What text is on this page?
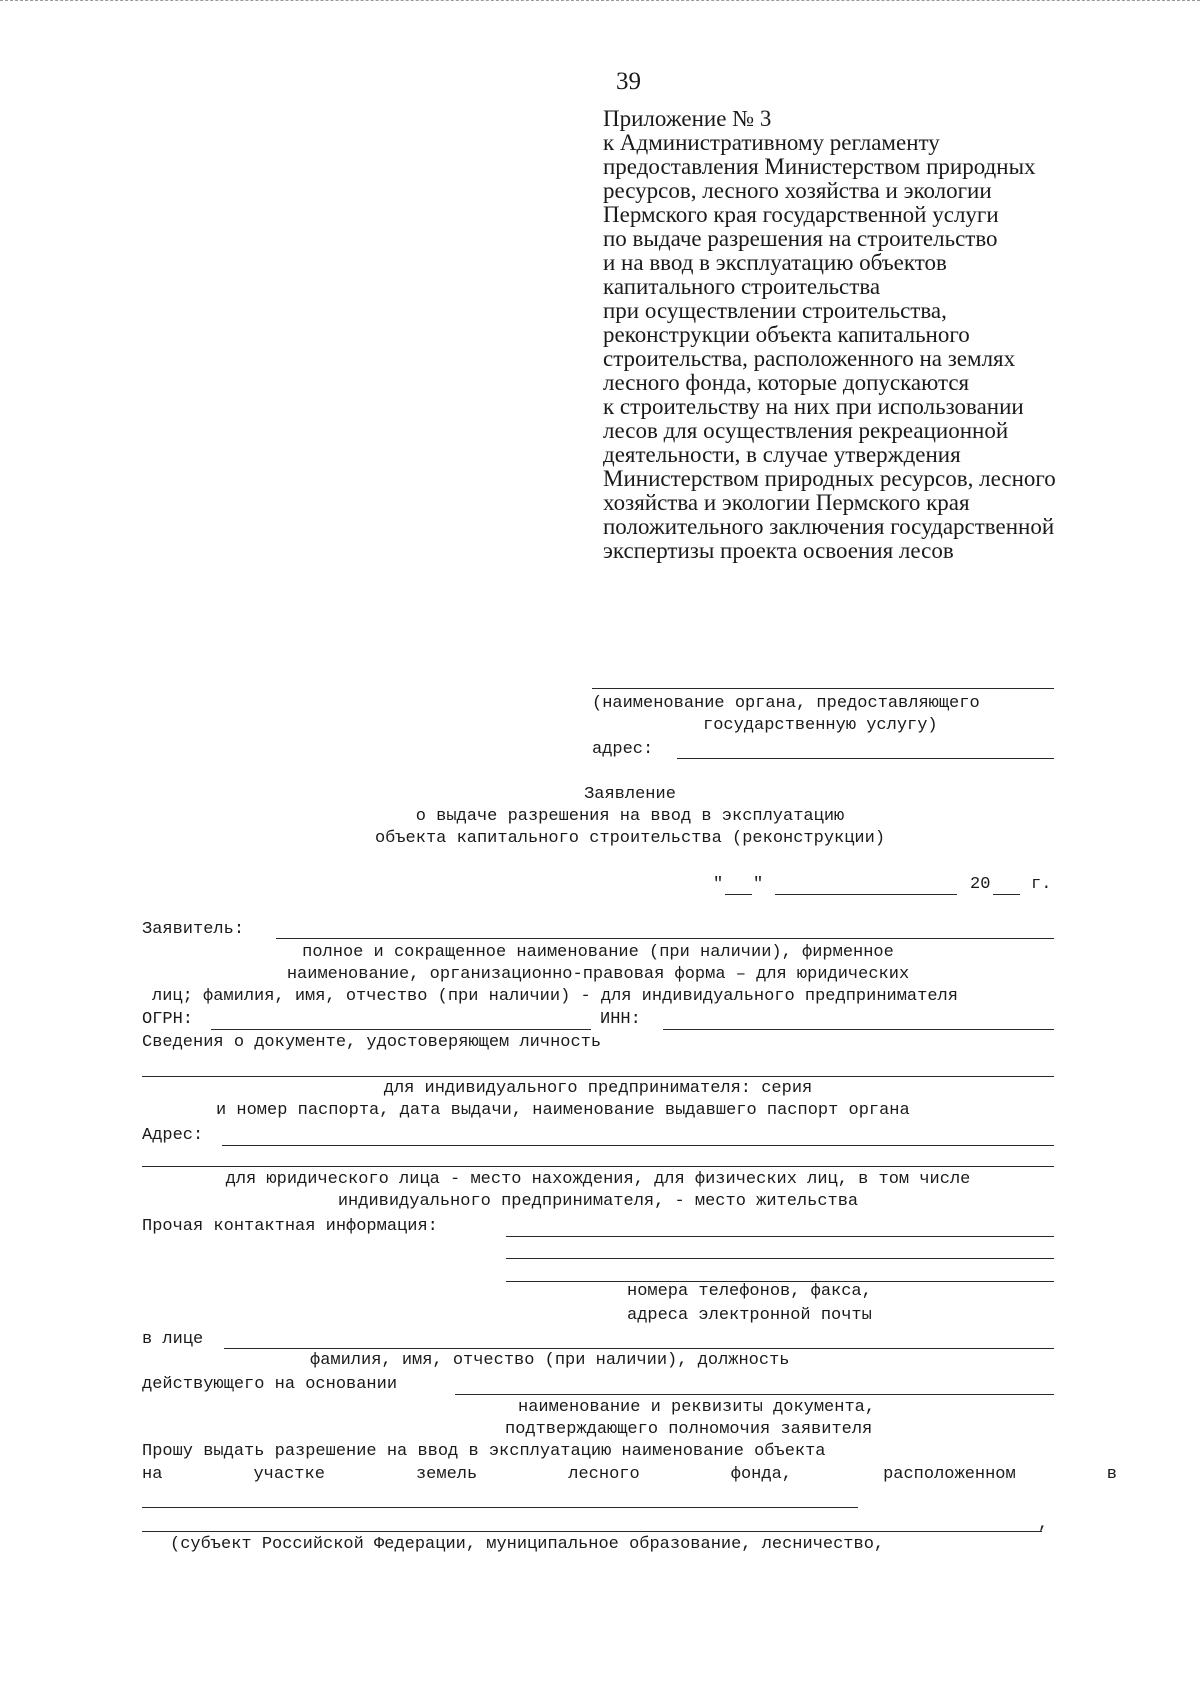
39
Приложение № 3
к Административному регламенту
предоставления Министерством природных
ресурсов, лесного хозяйства и экологии
Пермского края государственной услуги
по выдаче разрешения на строительство
и на ввод в эксплуатацию объектов
капитального строительства
при осуществлении строительства,
реконструкции объекта капитального
строительства, расположенного на землях
лесного фонда, которые допускаются
к строительству на них при использовании
лесов для осуществления рекреационной
деятельности, в случае утверждения
Министерством природных ресурсов, лесного
хозяйства и экологии Пермского края
положительного заключения государственной
экспертизы проекта освоения лесов
(наименование органа, предоставляющего
государственную услугу)
адрес:
Заявление
о выдаче разрешения на ввод в эксплуатацию
объекта капитального строительства (реконструкции)
" "	20 г.
Заявитель:
полное и сокращенное наименование (при наличии), фирменное
наименование, организационно-правовая форма – для юридических
лиц; фамилия, имя, отчество (при наличии) - для индивидуального предпринимателя
ОГРН:	ИНН:
Сведения о документе, удостоверяющем личность
для индивидуального предпринимателя: серия
и номер паспорта, дата выдачи, наименование выдавшего паспорт органа
Адрес:
для юридического лица - место нахождения, для физических лиц, в том числе
индивидуального предпринимателя, - место жительства
Прочая контактная информация:
номера телефонов, факса,
адреса электронной почты
в лице
фамилия, имя, отчество (при наличии), должность
действующего на основании
наименование и реквизиты документа,
подтверждающего полномочия заявителя
Прошу выдать разрешение на ввод в эксплуатацию наименование объекта
на	участке	земель	лесного	фонда,	расположенном	в
,
(субъект Российской Федерации, муниципальное образование, лесничество,
